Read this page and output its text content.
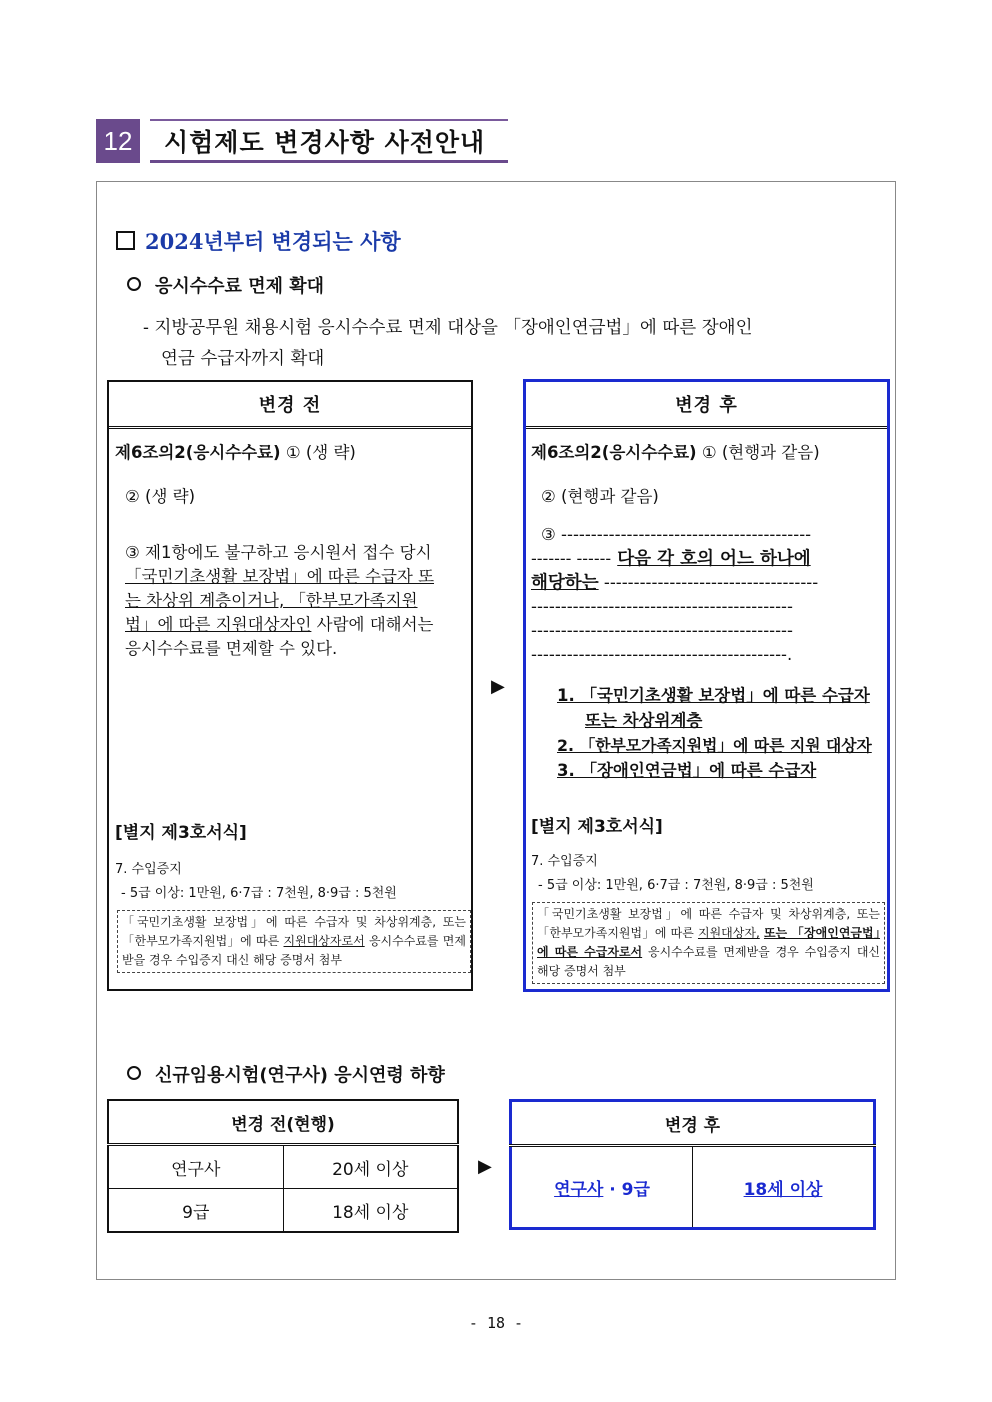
12	시험제도 변경사항 사전안내
2024년부터 변경되는 사항
응시수수료 면제 확대
- 지방공무원 채용시험 응시수수료 면제 대상을 「장애인연금법」에 따른 장애인
연금 수급자까지 확대
변경 전
제6조의2(응시수수료) ① (생 략)
② (생 략)
③ 제1항에도 불구하고 응시원서 접수 당시
「국민기초생활 보장법」에 따른 수급자 또
는 차상위 계층이거나, 「한부모가족지원
법」에 따른 지원대상자인 사람에 대해서는
응시수수료를 면제할 수 있다.
[별지 제3호서식]
7. 수입증지
- 5급 이상: 1만원, 6·7급 : 7천원, 8·9급 : 5천원
「국민기초생활 보장법」에 따른 수급자 및 차상위계층, 또는 「한부모가족지원법」에 따른 지원대상자로서 응시수수료를 면제받을 경우 수입증지 대신 해당 증명서 첨부
▶
변경 후
제6조의2(응시수수료) ① (현행과 같음)
② (현행과 같음)
③ ------------------------------------------
------- ------ 다음 각 호의 어느 하나에
해당하는 ------------------------------------
--------------------------------------------
--------------------------------------------
-------------------------------------------.
1. 「국민기초생활 보장법」에 따른 수급자
또는 차상위계층
2. 「한부모가족지원법」에 따른 지원 대상자
3. 「장애인연금법」에 따른 수급자
[별지 제3호서식]
7. 수입증지
- 5급 이상: 1만원, 6·7급 : 7천원, 8·9급 : 5천원
「국민기초생활 보장법」에 따른 수급자 및 차상위계층, 또는 「한부모가족지원법」에 따른 지원대상자, 또는 「장애인연금법」에 따른 수급자로서 응시수수료를 면제받을 경우 수입증지 대신 해당 증명서 첨부
신규임용시험(연구사) 응시연령 하향
변경 전(현행)	
연구사	20세 이상
9급	18세 이상
▶
변경 후
연구사 · 9급	18세 이상
- 18 -
